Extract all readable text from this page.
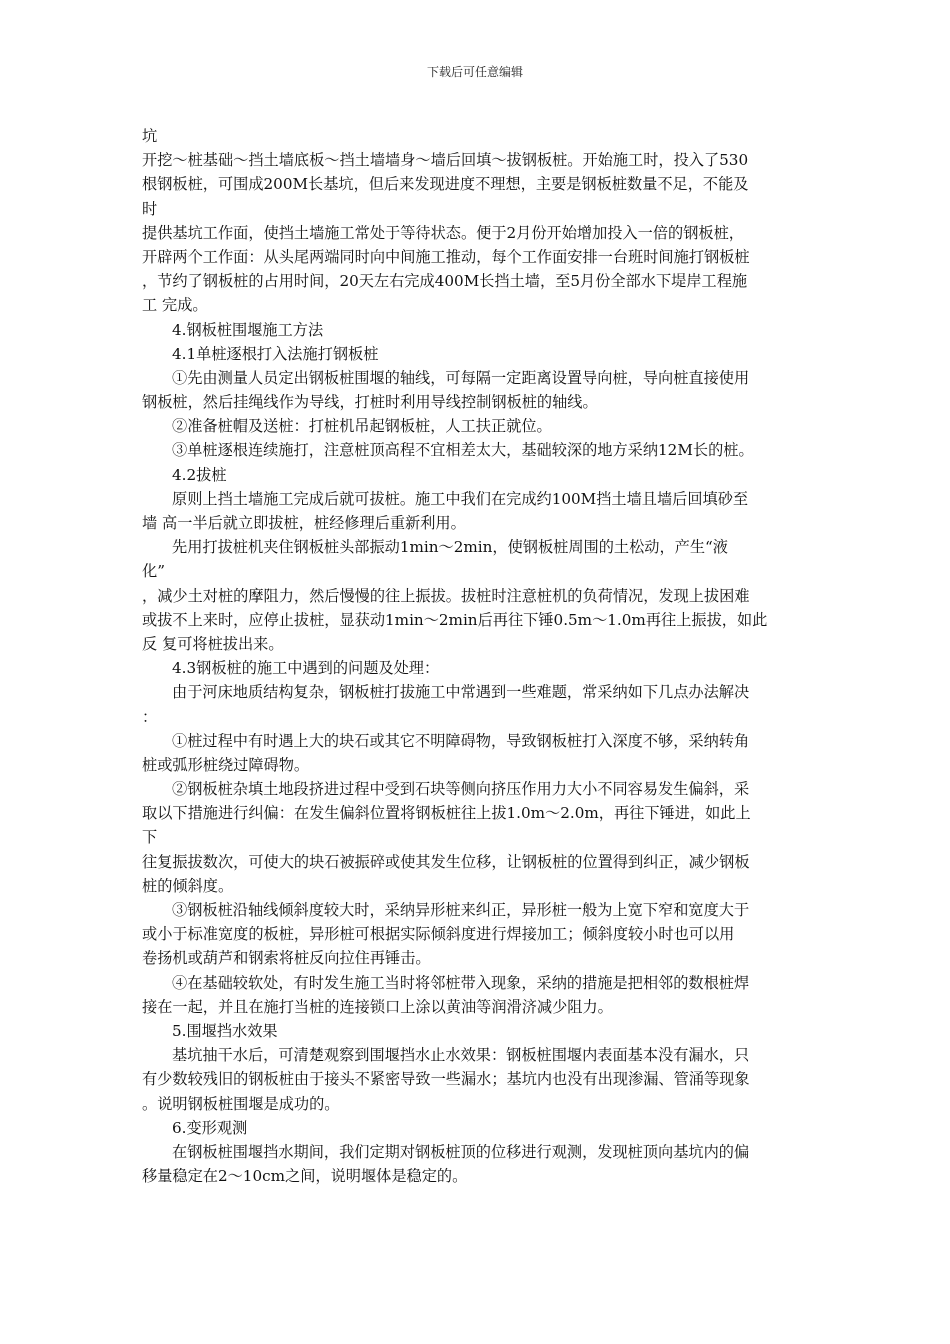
下载后可任意编辑
坑
开挖～桩基础～挡土墙底板～挡土墙墙身～墙后回填～拔钢板桩。开始施工时，投入了530
根钢板桩，可围成200M长基坑，但后来发现进度不理想，主要是钢板桩数量不足，不能及
时
提供基坑工作面，使挡土墙施工常处于等待状态。便于2月份开始增加投入一倍的钢板桩，
开辟两个工作面：从头尾两端同时向中间施工推动，每个工作面安排一台班时间施打钢板桩
，节约了钢板桩的占用时间，20天左右完成400M长挡土墙，至5月份全部水下堤岸工程施
工 完成。
4.钢板桩围堰施工方法
4.1单桩逐根打入法施打钢板桩
①先由测量人员定出钢板桩围堰的轴线，可每隔一定距离设置导向桩，导向桩直接使用
钢板桩，然后挂绳线作为导线，打桩时利用导线控制钢板桩的轴线。
②准备桩帽及送桩：打桩机吊起钢板桩，人工扶正就位。
③单桩逐根连续施打，注意桩顶高程不宜相差太大，基础较深的地方采纳12M长的桩。
4.2拔桩
原则上挡土墙施工完成后就可拔桩。施工中我们在完成约100M挡土墙且墙后回填砂至
墙 高一半后就立即拔桩，桩经修理后重新利用。
先用打拔桩机夹住钢板桩头部振动1min～2min，使钢板桩周围的土松动，产生“液
化”
，减少土对桩的摩阻力，然后慢慢的往上振拔。拔桩时注意桩机的负荷情况，发现上拔困难
或拔不上来时，应停止拔桩，显获动1min～2min后再往下锤0.5m～1.0m再往上振拔，如此
反 复可将桩拔出来。
4.3钢板桩的施工中遇到的问题及处理：
由于河床地质结构复杂，钢板桩打拔施工中常遇到一些难题，常采纳如下几点办法解决
：
①桩过程中有时遇上大的块石或其它不明障碍物，导致钢板桩打入深度不够，采纳转角
桩或弧形桩绕过障碍物。
②钢板桩杂填土地段挤进过程中受到石块等侧向挤压作用力大小不同容易发生偏斜，采
取以下措施进行纠偏：在发生偏斜位置将钢板桩往上拔1.0m～2.0m，再往下锤进，如此上
下
往复振拔数次，可使大的块石被振碎或使其发生位移，让钢板桩的位置得到纠正，减少钢板
桩的倾斜度。
③钢板桩沿轴线倾斜度较大时，采纳异形桩来纠正，异形桩一般为上宽下窄和宽度大于
或小于标准宽度的板桩，异形桩可根据实际倾斜度进行焊接加工；倾斜度较小时也可以用
卷扬机或葫芦和钢索将桩反向拉住再锤击。
④在基础较软处，有时发生施工当时将邻桩带入现象，采纳的措施是把相邻的数根桩焊
接在一起，并且在施打当桩的连接锁口上涂以黄油等润滑济减少阻力。
5.围堰挡水效果
基坑抽干水后，可清楚观察到围堰挡水止水效果：钢板桩围堰内表面基本没有漏水，只
有少数较残旧的钢板桩由于接头不紧密导致一些漏水；基坑内也没有出现渗漏、管涌等现象
。说明钢板桩围堰是成功的。
6.变形观测
在钢板桩围堰挡水期间，我们定期对钢板桩顶的位移进行观测，发现桩顶向基坑内的偏
移量稳定在2～10cm之间，说明堰体是稳定的。
